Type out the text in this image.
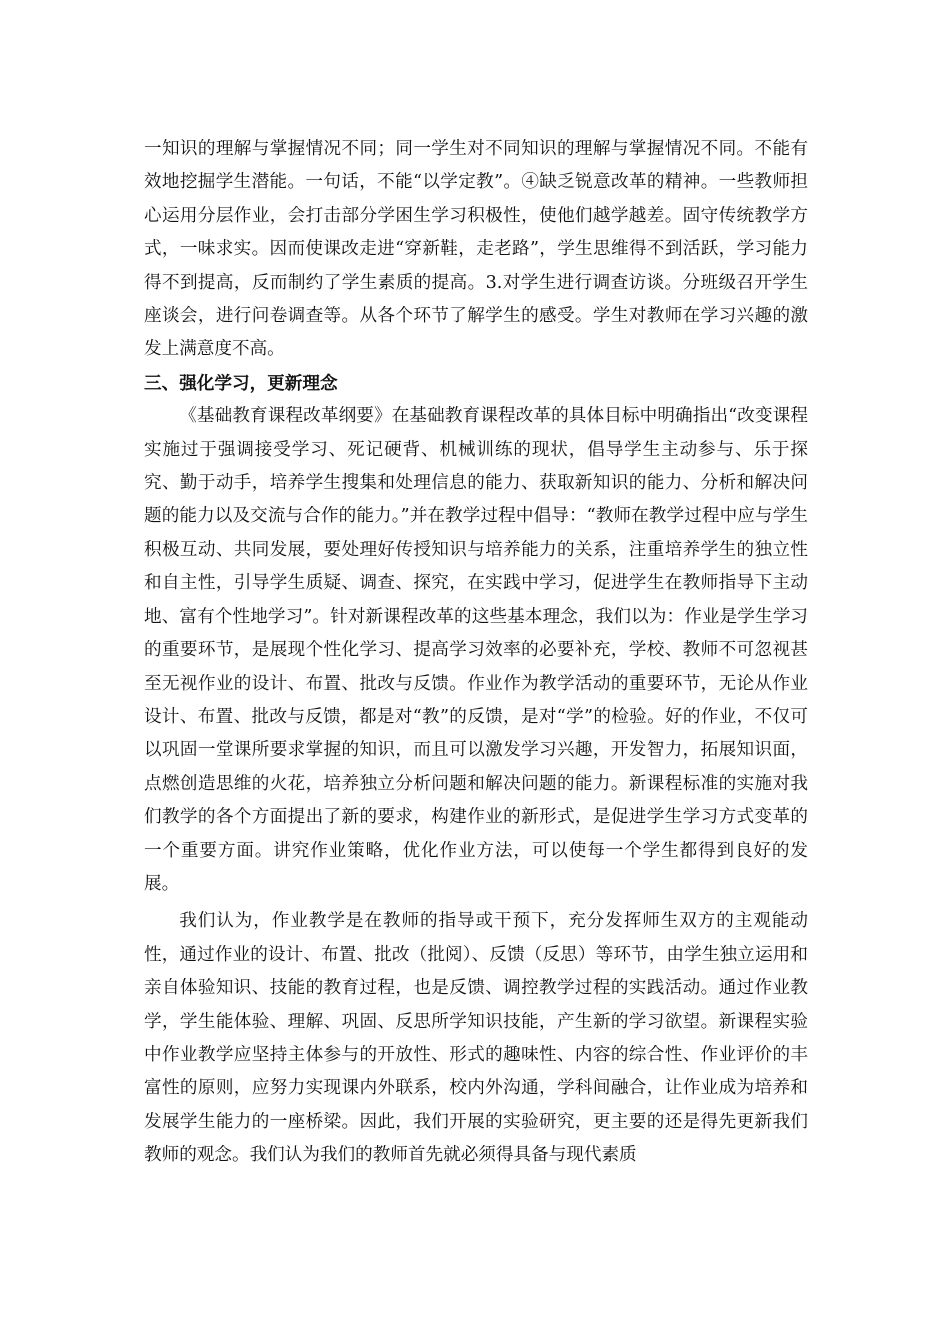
一知识的理解与掌握情况不同；同一学生对不同知识的理解与掌握情况不同。不能有效地挖掘学生潜能。一句话，不能“以学定教”。④缺乏锐意改革的精神。一些教师担心运用分层作业，会打击部分学困生学习积极性，使他们越学越差。固守传统教学方式，一味求实。因而使课改走进“穿新鞋，走老路”，学生思维得不到活跃，学习能力得不到提高，反而制约了学生素质的提高。3.对学生进行调查访谈。分班级召开学生座谈会，进行问卷调查等。从各个环节了解学生的感受。学生对教师在学习兴趣的激发上满意度不高。

三、强化学习，更新理念

《基础教育课程改革纲要》在基础教育课程改革的具体目标中明确指出“改变课程实施过于强调接受学习、死记硬背、机械训练的现状，倡导学生主动参与、乐于探究、勤于动手，培养学生搜集和处理信息的能力、获取新知识的能力、分析和解决问题的能力以及交流与合作的能力。”并在教学过程中倡导：“教师在教学过程中应与学生积极互动、共同发展，要处理好传授知识与培养能力的关系，注重培养学生的独立性和自主性，引导学生质疑、调查、探究，在实践中学习，促进学生在教师指导下主动地、富有个性地学习”。针对新课程改革的这些基本理念，我们以为：作业是学生学习的重要环节，是展现个性化学习、提高学习效率的必要补充，学校、教师不可忽视甚至无视作业的设计、布置、批改与反馈。作业作为教学活动的重要环节，无论从作业设计、布置、批改与反馈，都是对“教”的反馈，是对“学”的检验。好的作业，不仅可以巩固一堂课所要求掌握的知识，而且可以激发学习兴趣，开发智力，拓展知识面，点燃创造思维的火花，培养独立分析问题和解决问题的能力。新课程标准的实施对我们教学的各个方面提出了新的要求，构建作业的新形式，是促进学生学习方式变革的一个重要方面。讲究作业策略，优化作业方法，可以使每一个学生都得到良好的发展。

我们认为，作业教学是在教师的指导或干预下，充分发挥师生双方的主观能动性，通过作业的设计、布置、批改（批阅）、反馈（反思）等环节，由学生独立运用和亲自体验知识、技能的教育过程，也是反馈、调控教学过程的实践活动。通过作业教学，学生能体验、理解、巩固、反思所学知识技能，产生新的学习欲望。新课程实验中作业教学应坚持主体参与的开放性、形式的趣味性、内容的综合性、作业评价的丰富性的原则，应努力实现课内外联系，校内外沟通，学科间融合，让作业成为培养和发展学生能力的一座桥梁。因此，我们开展的实验研究，更主要的还是得先更新我们教师的观念。我们认为我们的教师首先就必须得具备与现代素质
